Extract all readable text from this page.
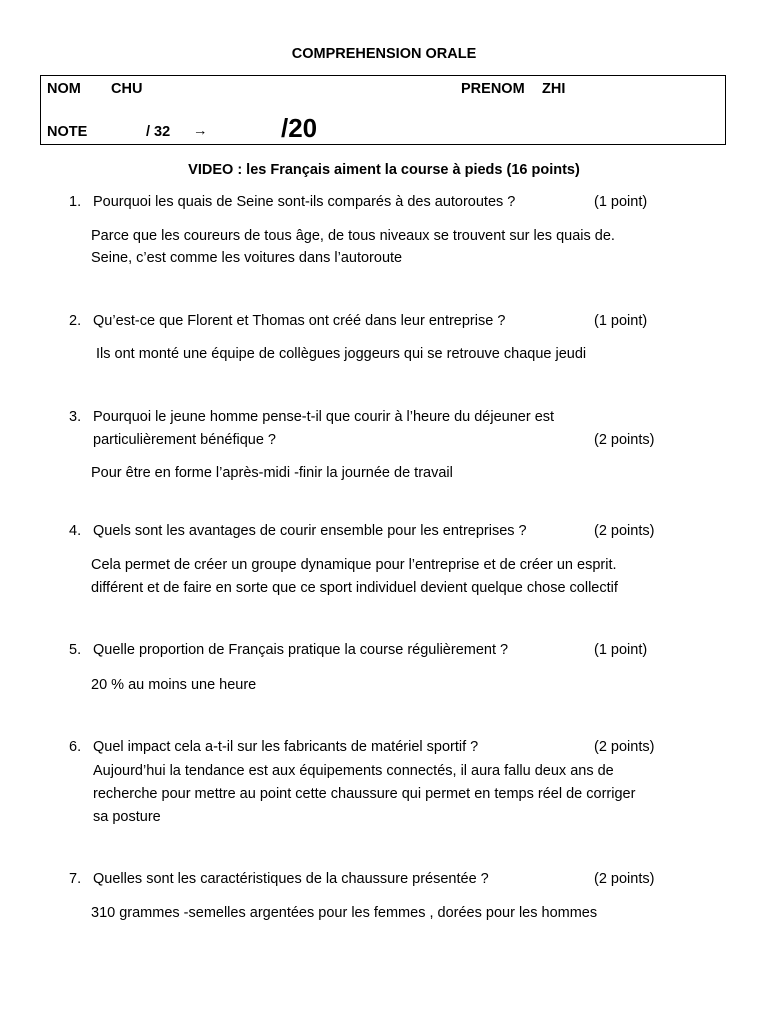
COMPREHENSION ORALE
NOM CHU	PRENOM ZHI
NOTE	/ 32 →	/20
VIDEO : les Français aiment la course à pieds (16 points)
1. Pourquoi les quais de Seine sont-ils comparés à des autoroutes ?	(1 point)
Parce que les coureurs de tous âge, de tous niveaux se trouvent sur les quais de.
Seine, c’est comme les voitures dans l’autoroute
2. Qu’est-ce que Florent et Thomas ont créé dans leur entreprise ?	(1 point)
Ils ont monté une équipe de collègues joggeurs qui se retrouve chaque jeudi
3. Pourquoi le jeune homme pense-t-il que courir à l’heure du déjeuner est
particulièrement bénéfique ?	(2 points)
Pour être en forme l’après-midi -finir la journée de travail
4. Quels sont les avantages de courir ensemble pour les entreprises ?	(2 points)
Cela permet de créer un groupe dynamique pour l’entreprise et de créer un esprit.
différent et de faire en sorte que ce sport individuel devient quelque chose collectif
5. Quelle proportion de Français pratique la course régulièrement ?	(1 point)
20 % au moins une heure
6. Quel impact cela a-t-il sur les fabricants de matériel sportif ?	(2 points)
Aujourd’hui la tendance est aux équipements connectés, il aura fallu deux ans de
recherche pour mettre au point cette chaussure qui permet en temps réel de corriger
sa posture
7. Quelles sont les caractéristiques de la chaussure présentée ?	(2 points)
310 grammes -semelles argentées pour les femmes , dorées pour les hommes
